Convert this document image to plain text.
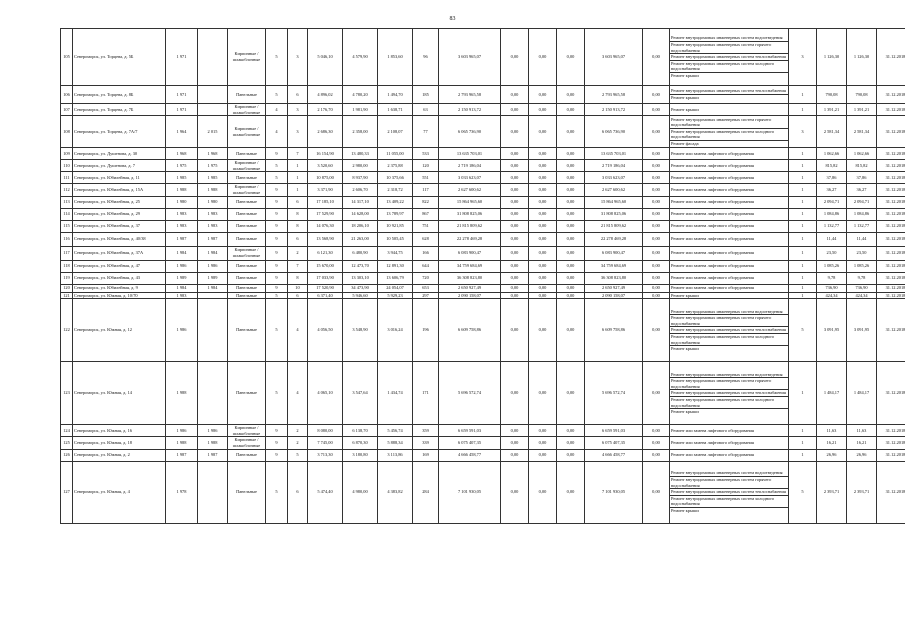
83
105	Североморск, ул. Торцева, д. 5Б	1 971		Кирпичные / шлакоблочные	5	3	5 046,10	4 579,90	1 853,60	96	3 603 965,07	0,00	0,00	0,00	3 603 965,07	0,00	Ремонт внутридомовых инженерных систем водоотведения
Ремонт внутридомовых инженерных систем горячего водоснабжения
Ремонт внутридомовых инженерных систем теплоснабжения
Ремонт внутридомовых инженерных систем холодного водоснабжения
Ремонт крыши	3	1 126,30	1 126,30	31.12.2018
106	Североморск, ул. Торцева, д. 8Б	1 971		Панельные	5	6	4 896,02	4 780,20	1 494,70	185	2 793 965,58	0,00	0,00	0,00	2 793 965,58	0,00	Ремонт внутридомовых инженерных систем теплоснабжения
Ремонт крыши	1	790,08	790,08	31.12.2018
107	Североморск, ул. Торцева, д. 7Б	1 971		Кирпичные / шлакоблочные	4	3	2 176,70	1 981,90	1 638,71	63	2 150 913,72	0,00	0,00	0,00	2 150 913,72	0,00	Ремонт крыши	1	1 391,21	1 391,21	31.12.2018
108	Североморск, ул. Торцева, д. 7А/7	1 964	2 015	Кирпичные / шлакоблочные	4	3	2 686,30	2 358,00	2 108,07	77	6 065 736,90	0,00	0,00	0,00	6 065 736,90	0,00	Ремонт внутридомовых инженерных систем горячего водоснабжения
Ремонт внутридомовых инженерных систем холодного водоснабжения
Ремонт фасада	3	2 581,34	2 581,34	31.12.2018
109	Североморск, ул. Душенова, д. 30	1 968	1 968	Панельные	9	7	16 154,90	13 480,33	11 055,00	533	13 635 703,01	0,00	0,00	0,00	13 635 703,01	0,00	Ремонт или замена лифтового оборудования	1	1 062,66	1 062,66	31.12.2018
110	Североморск, ул. Душенова, д. 7	1 975	1 975	Кирпичные / шлакоблочные	5	1	3 520,60	2 980,00	2 375,88	120	2 719 186,04	0,00	0,00	0,00	2 719 186,04	0,00	Ремонт или замена лифтового оборудования	1	815,82	815,82	31.12.2018
111	Североморск, ул. Юбилейная, д. 11	1 985	1 985	Панельные	5	1	10 875,00	8 937,90	10 375,66	551	3 033 623,07	0,00	0,00	0,00	3 033 623,07	0,00	Ремонт или замена лифтового оборудования	1	37,86	37,86	31.12.2018
112	Североморск, ул. Юбилейная, д. 15А	1 988	1 988	Кирпичные / шлакоблочные	9	1	3 371,90	2 606,70	2 318,72	117	2 627 600,62	0,00	0,00	0,00	2 627 600,62	0,00	Ремонт или замена лифтового оборудования	1	36,27	36,27	31.12.2018
113	Североморск, ул. Юбилейная, д. 25	1 980	1 980	Панельные	9	6	17 185,10	14 317,10	13 409,22	822	15 864 965,60	0,00	0,00	0,00	15 864 965,60	0,00	Ремонт или замена лифтового оборудования	1	2 094,71	2 094,71	31.12.2018
114	Североморск, ул. Юбилейная, д. 29	1 983	1 983	Панельные	9	8	17 529,90	14 628,00	13 789,97	867	31 808 825,06	0,00	0,00	0,00	31 808 825,06	0,00	Ремонт или замена лифтового оборудования	1	1 084,86	1 084,86	31.12.2018
115	Североморск, ул. Юбилейная, д. 37	1 983	1 983	Панельные	9	8	14 076,30	18 206,10	10 921,85	751	21 815 809,62	0,00	0,00	0,00	21 815 809,62	0,00	Ремонт или замена лифтового оборудования	1	1 132,77	1 132,77	31.12.2018
116	Североморск, ул. Юбилейная, д. 40/38	1 987	1 987	Панельные	9	6	13 568,90	21 263,00	10 505,45	628	22 278 469,28	0,00	0,00	0,00	22 278 469,28	0,00	Ремонт или замена лифтового оборудования	1	11,44	11,44	31.12.2018
117	Североморск, ул. Юбилейная, д. 37А	1 984	1 984	Кирпичные / шлакоблочные	9	2	6 121,30	6 480,90	3 944,75	166	6 083 900,47	0,00	0,00	0,00	6 083 900,47	0,00	Ремонт или замена лифтового оборудования	1	23,50	23,50	31.12.2018
118	Североморск, ул. Юбилейная, д. 47	1 986	1 986	Панельные	9	7	15 670,00	12 473,70	12 891,30	644	34 759 684,69	0,00	0,00	0,00	34 759 684,69	0,00	Ремонт или замена лифтового оборудования	1	1 085,26	1 085,26	31.12.2018
119	Североморск, ул. Юбилейная, д. 43	1 989	1 989	Панельные	9	8	17 033,90	13 303,10	13 606,79	720	36 308 823,80	0,00	0,00	0,00	36 308 823,80	0,00	Ремонт или замена лифтового оборудования	1	9,78	9,78	31.12.2018
120	Североморск, ул. Юбилейная, д. 9	1 984	1 984	Панельные	9	10	17 520,90	34 473,90	24 054,07	653	2 650 927,49	0,00	0,00	0,00	2 650 927,49	0,00	Ремонт или замена лифтового оборудования	1	736,90	736,90	31.12.2018
121	Североморск, ул. Южная, д. 10/70	1 983		Панельные	5	6	6 371,40	5 946,60	5 929,23	297	2 090 158,07	0,00	0,00	0,00	2 090 158,07	0,00	Ремонт крыши	1	424,34	424,34	31.12.2018
122	Североморск, ул. Южная, д. 12	1 986		Панельные	5	4	4 056,50	3 548,90	3 016,24	196	6 609 758,86	0,00	0,00	0,00	6 609 758,86	0,00	Ремонт внутридомовых инженерных систем водоотведения
Ремонт внутридомовых инженерных систем горячего водоснабжения
Ремонт внутридомовых инженерных систем теплоснабжения
Ремонт внутридомовых инженерных систем холодного водоснабжения
Ремонт крыши	5	3 091,95	3 091,95	31.12.2018
123	Североморск, ул. Южная, д. 14	1 988		Панельные	5	4	4 065,10	3 547,64	1 434,74	171	5 696 572,74	0,00	0,00	0,00	5 696 572,74	0,00	Ремонт внутридомовых инженерных систем водоотведения
Ремонт внутридомовых инженерных систем горячего водоснабжения
Ремонт внутридомовых инженерных систем теплоснабжения
Ремонт внутридомовых инженерных систем холодного водоснабжения
Ремонт крыши	1	1 484,17	1 484,17	31.12.2018
124	Североморск, ул. Южная, д. 16	1 986	1 986	Кирпичные / шлакоблочные	9	2	8 080,00	6 138,70	5 456,74	359	6 659 591,03	0,00	0,00	0,00	6 659 591,03	0,00	Ремонт или замена лифтового оборудования	1	11,63	11,63	31.12.2018
125	Североморск, ул. Южная, д. 18	1 988	1 988	Кирпичные / шлакоблочные	9	2	7 745,00	6 870,30	5 888,34	339	6 075 407,35	0,00	0,00	0,00	6 075 407,35	0,00	Ремонт или замена лифтового оборудования	1	16,21	16,21	31.12.2018
126	Североморск, ул. Южная, д. 2	1 987	1 987	Панельные	9	5	3 713,30	3 180,80	3 113,86	169	4 666 458,77	0,00	0,00	0,00	4 666 458,77	0,00	Ремонт или замена лифтового оборудования	1	26,96	26,96	31.12.2018
127	Североморск, ул. Южная, д. 4	1 978		Панельные	5	6	5 474,40	4 980,00	4 383,82	284	7 101 930,05	0,00	0,00	0,00	7 101 930,05	0,00	Ремонт внутридомовых инженерных систем водоотведения
Ремонт внутридомовых инженерных систем горячего водоснабжения
Ремонт внутридомовых инженерных систем теплоснабжения
Ремонт внутридомовых инженерных систем холодного водоснабжения
Ремонт крыши	5	2 393,71	2 393,71	31.12.2018
